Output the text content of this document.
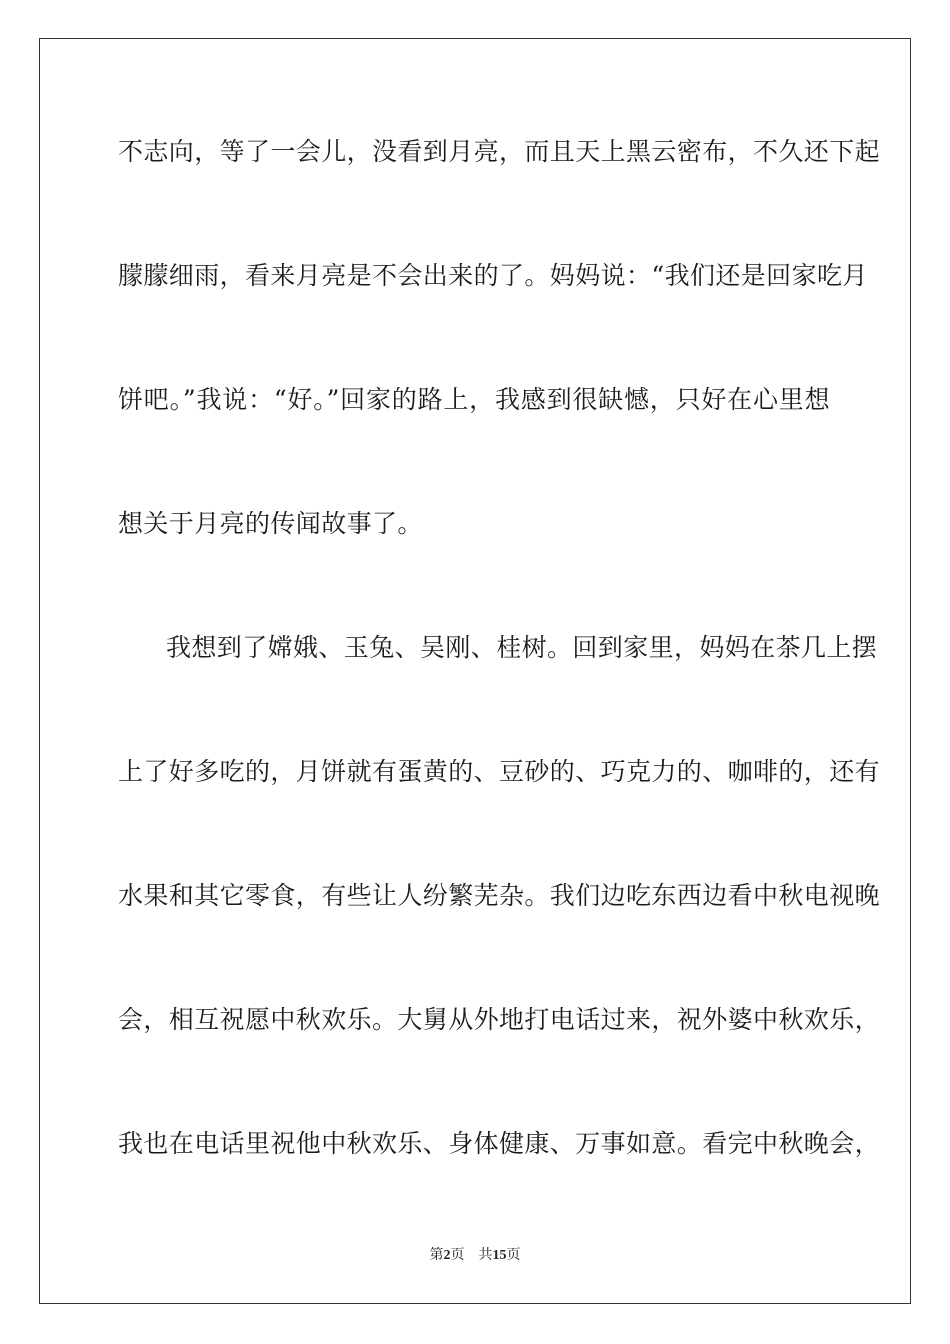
不志向，等了一会儿，没看到月亮，而且天上黑云密布，不久还下起
朦朦细雨，看来月亮是不会出来的了。妈妈说：“我们还是回家吃月
饼吧。”我说：“好。”回家的路上，我感到很缺憾，只好在心里想
想关于月亮的传闻故事了。
我想到了嫦娥、玉兔、吴刚、桂树。回到家里，妈妈在茶几上摆
上了好多吃的，月饼就有蛋黄的、豆砂的、巧克力的、咖啡的，还有
水果和其它零食，有些让人纷繁芜杂。我们边吃东西边看中秋电视晚
会，相互祝愿中秋欢乐。大舅从外地打电话过来，祝外婆中秋欢乐，
我也在电话里祝他中秋欢乐、身体健康、万事如意。看完中秋晚会，
第2页 共15页
